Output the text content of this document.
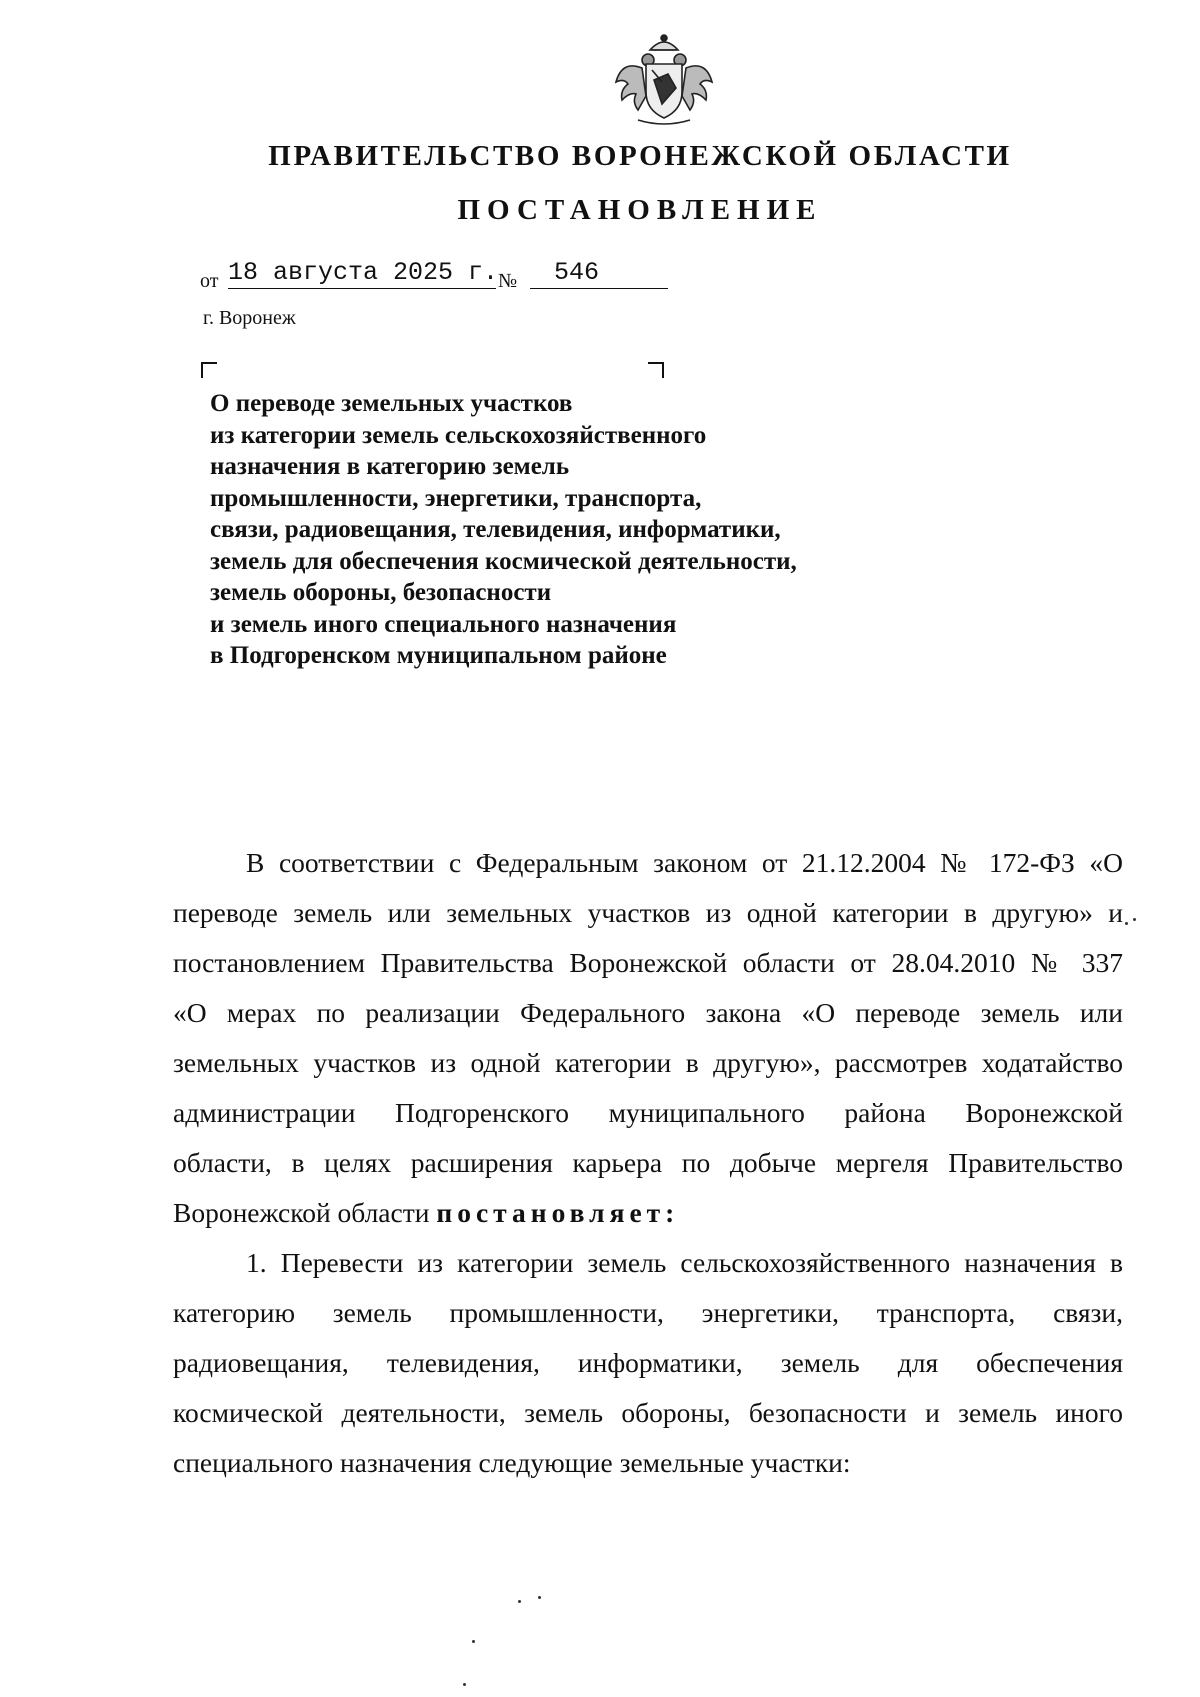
ПРАВИТЕЛЬСТВО ВОРОНЕЖСКОЙ ОБЛАСТИ
ПОСТАНОВЛЕНИЕ
от 18 августа 2025 г. №	546
г. Воронеж
О переводе земельных участков
из категории земель сельскохозяйственного
назначения в категорию земель
промышленности, энергетики, транспорта,
связи, радиовещания, телевидения, информатики,
земель для обеспечения космической деятельности,
земель обороны, безопасности
и земель иного специального назначения
в Подгоренском муниципальном районе
В соответствии с Федеральным законом от 21.12.2004 № 172-ФЗ «О
переводе земель или земельных участков из одной категории в другую» и
постановлением Правительства Воронежской области от 28.04.2010 № 337
«О мерах по реализации Федерального закона «О переводе земель или
земельных участков из одной категории в другую», рассмотрев ходатайство
администрации Подгоренского муниципального района Воронежской
области, в целях расширения карьера по добыче мергеля Правительство
Воронежской области постановляет:
1. Перевести из категории земель сельскохозяйственного назначения в
категорию земель промышленности, энергетики, транспорта, связи,
радиовещания, телевидения, информатики, земель для обеспечения
космической деятельности, земель обороны, безопасности и земель иного
специального назначения следующие земельные участки:
